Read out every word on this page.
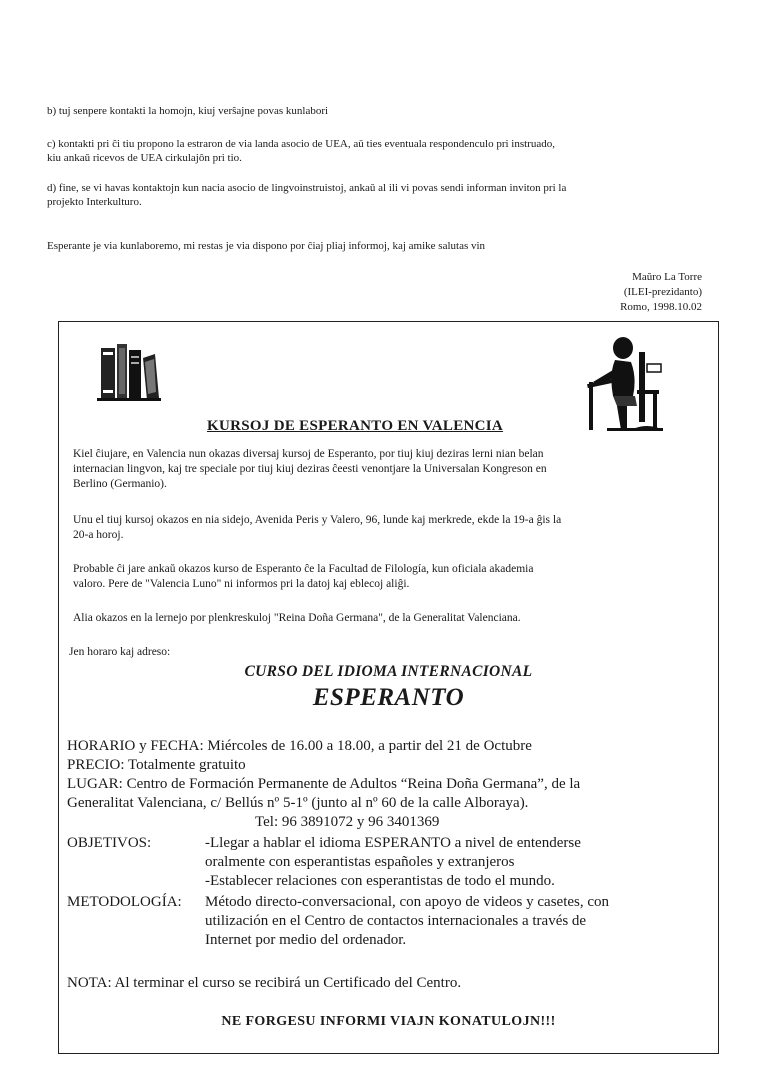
b) tuj senpere kontakti la homojn, kiuj verŝajne povas kunlabori

c) kontakti pri ĉi tiu propono la estraron de via landa asocio de UEA, aŭ ties eventuala respondenculo pri instruado,

kiu ankaŭ ricevos de UEA cirkulajôn pri tio.

d) fine, se vi havas kontaktojn kun nacia asocio de lingvoinstruistoj, ankaŭ al ili vi povas sendi informan inviton pri la

projekto Interkulturo.

Esperante je via kunlaboremo, mi restas je via dispono por ĉiaj pliaj informoj, kaj amike salutas vin

Maŭro La Torre
(ILEI-prezidanto)
Romo, 1998.10.02
KURSOJ DE ESPERANTO EN VALENCIA

Kiel ĉiujare, en Valencia nun okazas diversaj kursoj de Esperanto, por tiuj kiuj deziras lerni nian belan

internacian lingvon, kaj tre speciale por tiuj kiuj deziras ĉeesti venontjare la Universalan Kongreson en

Berlino (Germanio).

Unu el tiuj kursoj okazos en nia sidejo, Avenida Peris y Valero, 96, lunde kaj merkrede, ekde la 19-a ĝis la

20-a horoj.

Probable ĉi jare ankaŭ okazos kurso de Esperanto ĉe la Facultad de Filología, kun oficiala akademia

valoro. Pere de "Valencia Luno" ni informos pri la datoj kaj eblecoj aliĝi.

Alia okazos en la lernejo por plenkreskuloj "Reina Doña Germana", de la Generalitat Valenciana.

Jen horaro kaj adreso:

CURSO DEL IDIOMA INTERNACIONAL
ESPERANTO
HORARIO y FECHA: Miércoles de 16.00 a 18.00, a partir del 21 de Octubre
PRECIO: Totalmente gratuito
LUGAR: Centro de Formación Permanente de Adultos “Reina Doña Germana”, de la
Generalitat Valenciana, c/ Bellús nº 5-1º (junto al nº 60 de la calle Alboraya).
Tel: 96 3891072 y 96 3401369
OBJETIVOS:	-Llegar a hablar el idioma ESPERANTO a nivel de entenderse
oralmente con esperantistas españoles y extranjeros
-Establecer relaciones con esperantistas de todo el mundo.
METODOLOGÍA: Método directo-conversacional, con apoyo de videos y casetes, con
utilización en el Centro de contactos internacionales a través de
Internet por medio del ordenador.
NOTA: Al terminar el curso se recibirá un Certificado del Centro.
NE FORGESU INFORMI VIAJN KONATULOJN!!!
